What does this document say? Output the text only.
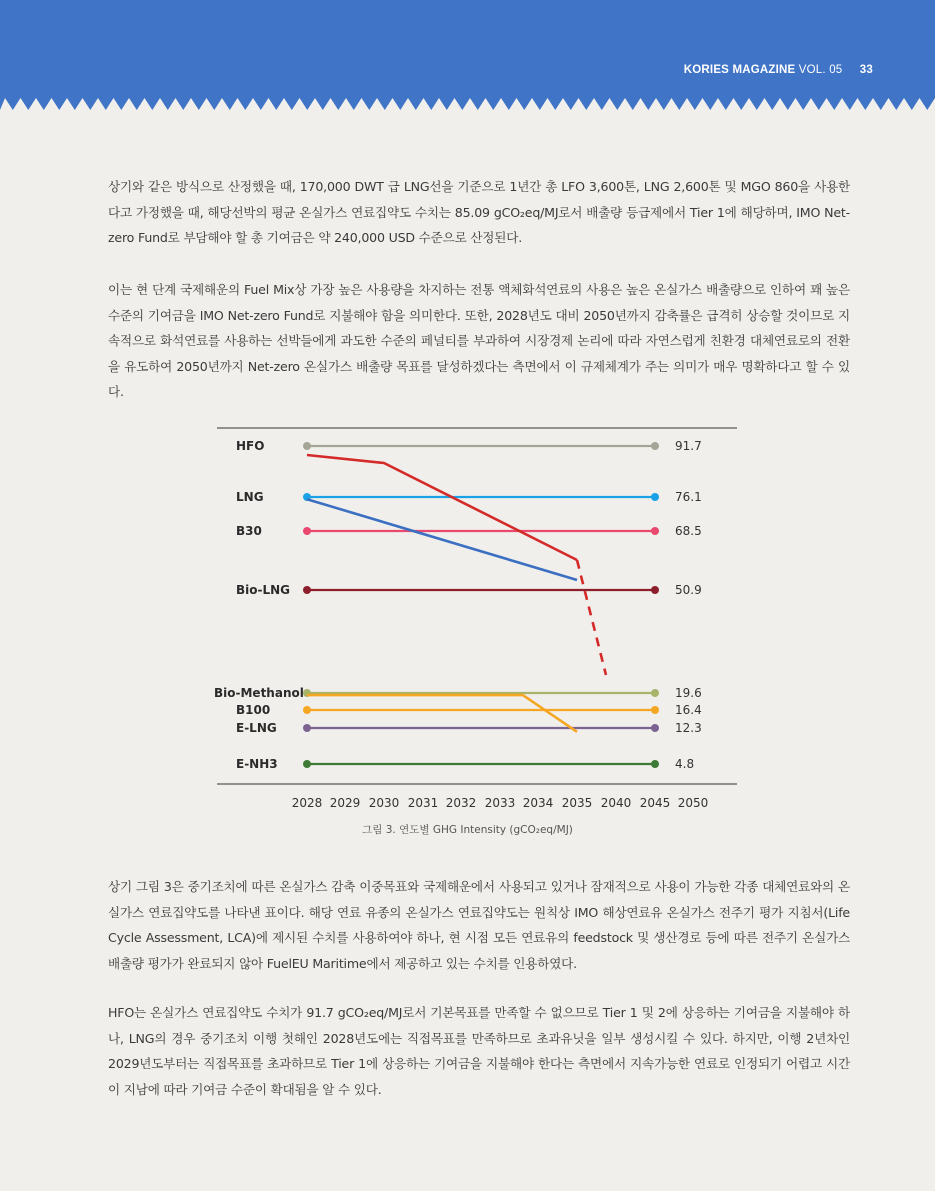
KORIES MAGAZINE VOL. 05 33

상기와 같은 방식으로 산정했을 때, 170,000 DWT 급 LNG선을 기준으로 1년간 총 LFO 3,600톤, LNG 2,600톤 및 MGO 860을 사용한다고 가정했을 때, 해당선박의 평균 온실가스 연료집약도 수치는 85.09 gCO₂eq/MJ로서 배출량 등급제에서 Tier 1에 해당하며, IMO Net-zero Fund로 부담해야 할 총 기여금은 약 240,000 USD 수준으로 산정된다.

이는 현 단계 국제해운의 Fuel Mix상 가장 높은 사용량을 차지하는 전통 액체화석연료의 사용은 높은 온실가스 배출량으로 인하여 꽤 높은 수준의 기여금을 IMO Net-zero Fund로 지불해야 함을 의미한다. 또한, 2028년도 대비 2050년까지 감축률은 급격히 상승할 것이므로 지속적으로 화석연료를 사용하는 선박들에게 과도한 수준의 페널티를 부과하여 시장경제 논리에 따라 자연스럽게 친환경 대체연료로의 전환을 유도하여 2050년까지 Net-zero 온실가스 배출량 목표를 달성하겠다는 측면에서 이 규제체계가 주는 의미가 매우 명확하다고 할 수 있다.

2028 2029 2030 2031 2032 2033 2034 2035 2040 2045 2050
HFO	91.7
LNG	76.1
B30	68.5
Bio-LNG	50.9
Bio-Methanol	19.6
B100	16.4
E-LNG	12.3
E-NH3	4.8
그림 3. 연도별 GHG Intensity (gCO₂eq/MJ)

상기 그림 3은 중기조치에 따른 온실가스 감축 이중목표와 국제해운에서 사용되고 있거나 잠재적으로 사용이 가능한 각종 대체연료와의 온실가스 연료집약도를 나타낸 표이다. 해당 연료 유종의 온실가스 연료집약도는 원칙상 IMO 해상연료유 온실가스 전주기 평가 지침서(Life Cycle Assessment, LCA)에 제시된 수치를 사용하여야 하나, 현 시점 모든 연료유의 feedstock 및 생산경로 등에 따른 전주기 온실가스 배출량 평가가 완료되지 않아 FuelEU Maritime에서 제공하고 있는 수치를 인용하였다.

HFO는 온실가스 연료집약도 수치가 91.7 gCO₂eq/MJ로서 기본목표를 만족할 수 없으므로 Tier 1 및 2에 상응하는 기여금을 지불해야 하나, LNG의 경우 중기조치 이행 첫해인 2028년도에는 직접목표를 만족하므로 초과유닛을 일부 생성시킬 수 있다. 하지만, 이행 2년차인 2029년도부터는 직접목표를 초과하므로 Tier 1에 상응하는 기여금을 지불해야 한다는 측면에서 지속가능한 연료로 인정되기 어렵고 시간이 지남에 따라 기여금 수준이 확대됨을 알 수 있다.
